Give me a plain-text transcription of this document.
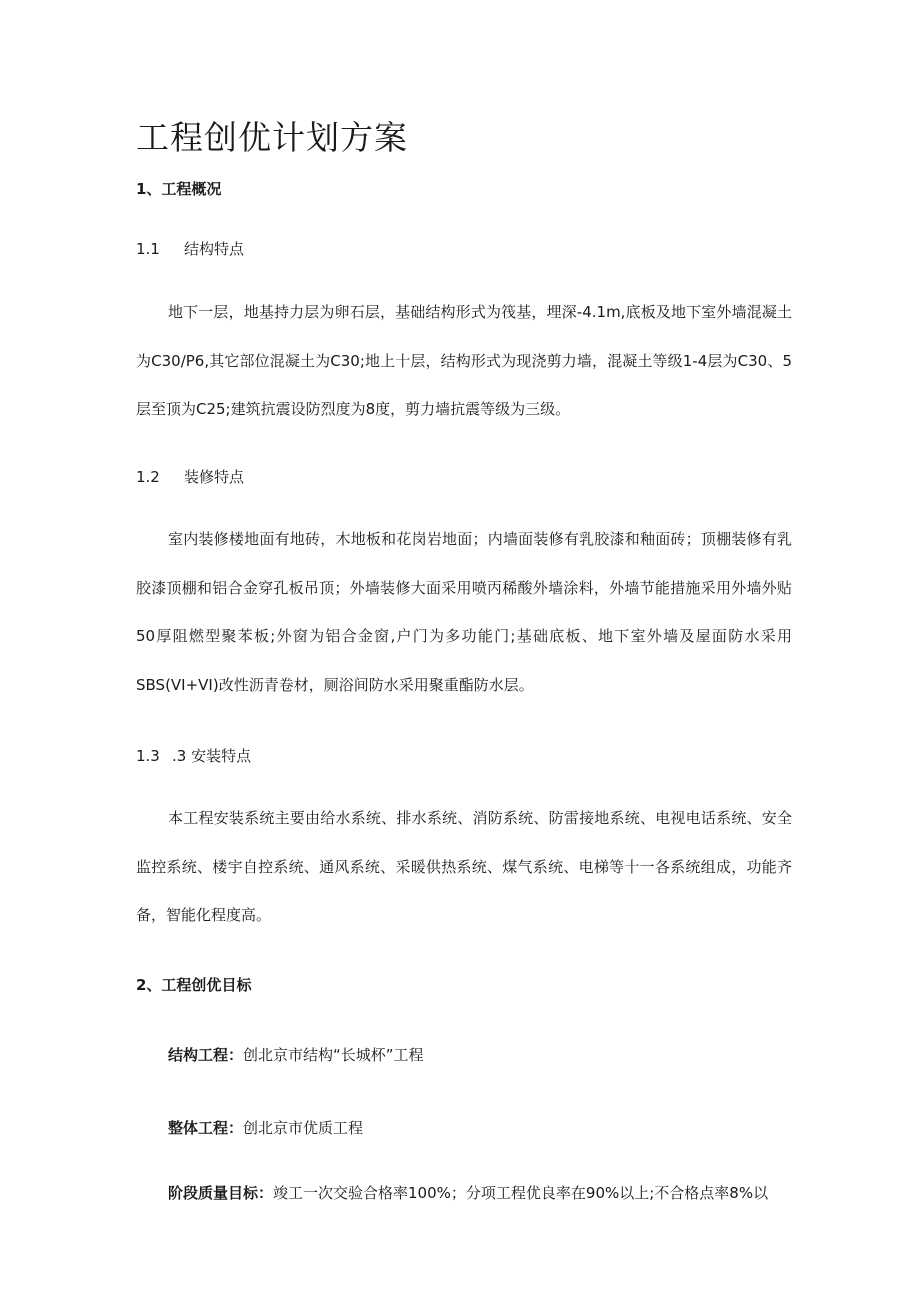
工程创优计划方案
1、工程概况
1.1 结构特点

地下一层，地基持力层为卵石层，基础结构形式为筏基，埋深-4.1m,底板及地下室外墙混凝土为C30/P6,其它部位混凝土为C30;地上十层，结构形式为现浇剪力墙，混凝土等级1-4层为C30、5层至顶为C25;建筑抗震设防烈度为8度，剪力墙抗震等级为三级。

1.2 装修特点

室内装修楼地面有地砖，木地板和花岗岩地面；内墙面装修有乳胶漆和釉面砖；顶棚装修有乳胶漆顶棚和铝合金穿孔板吊顶；外墙装修大面采用喷丙稀酸外墙涂料，外墙节能措施采用外墙外贴50厚阻燃型聚苯板;外窗为铝合金窗,户门为多功能门;基础底板、地下室外墙及屋面防水采用SBS(VI+VI)改性沥青卷材，厕浴间防水采用聚重酯防水层。

1.3 .3 安装特点

本工程安装系统主要由给水系统、排水系统、消防系统、防雷接地系统、电视电话系统、安全监控系统、楼宇自控系统、通风系统、采暖供热系统、煤气系统、电梯等十一各系统组成，功能齐备，智能化程度高。

2、工程创优目标
结构工程：创北京市结构“长城杯”工程
整体工程：创北京市优质工程
阶段质量目标：竣工一次交验合格率100%；分项工程优良率在90%以上;不合格点率8%以
